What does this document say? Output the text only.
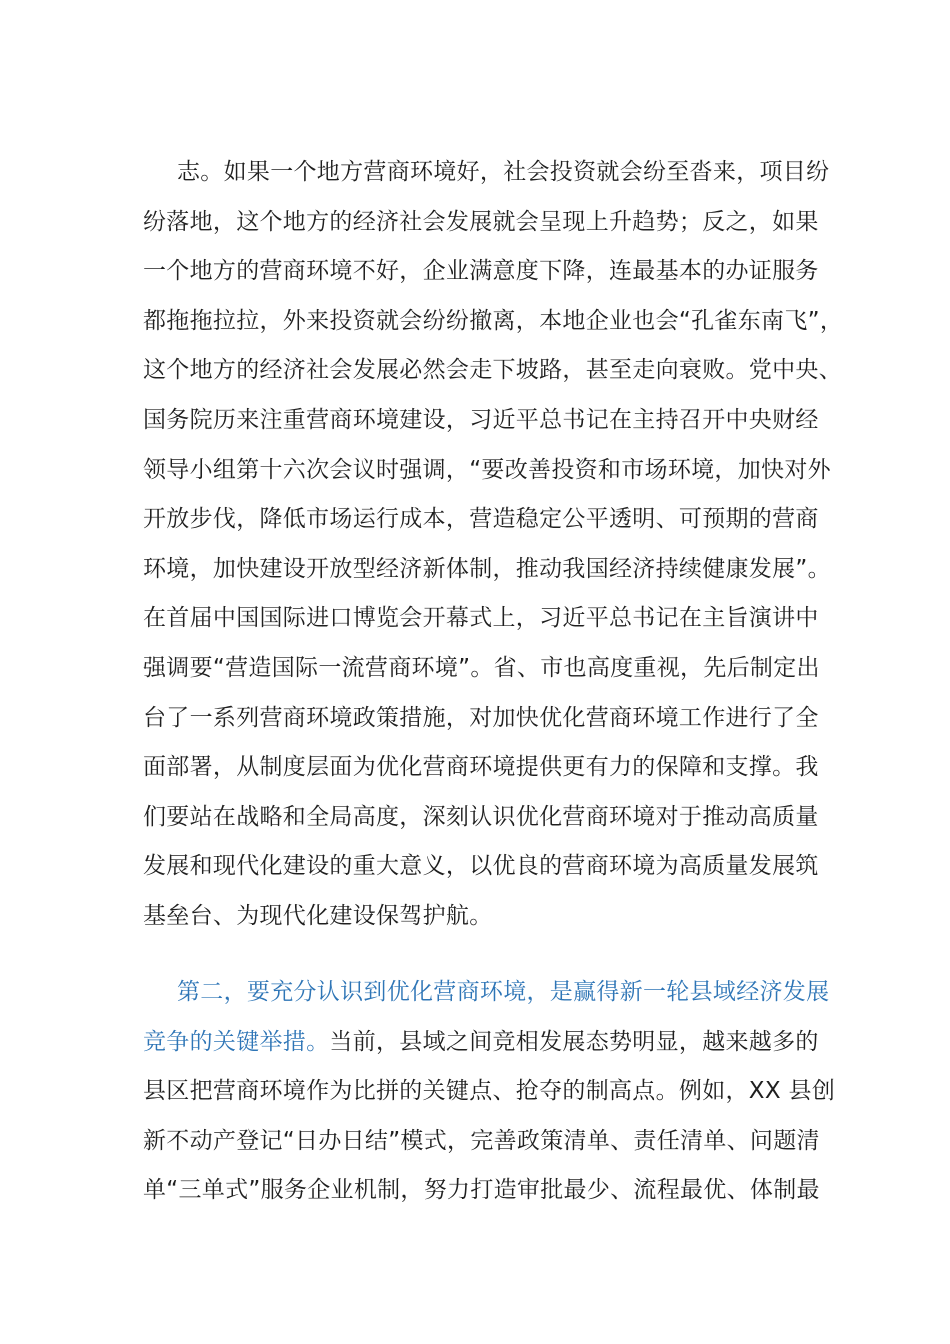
志。如果一个地方营商环境好，社会投资就会纷至沓来，项目纷
纷落地，这个地方的经济社会发展就会呈现上升趋势；反之，如果
一个地方的营商环境不好，企业满意度下降，连最基本的办证服务
都拖拖拉拉，外来投资就会纷纷撤离，本地企业也会“孔雀东南飞”，
这个地方的经济社会发展必然会走下坡路，甚至走向衰败。党中央、
国务院历来注重营商环境建设，习近平总书记在主持召开中央财经
领导小组第十六次会议时强调，“要改善投资和市场环境，加快对外
开放步伐，降低市场运行成本，营造稳定公平透明、可预期的营商
环境，加快建设开放型经济新体制，推动我国经济持续健康发展”。
在首届中国国际进口博览会开幕式上，习近平总书记在主旨演讲中
强调要“营造国际一流营商环境”。省、市也高度重视，先后制定出
台了一系列营商环境政策措施，对加快优化营商环境工作进行了全
面部署，从制度层面为优化营商环境提供更有力的保障和支撑。我
们要站在战略和全局高度，深刻认识优化营商环境对于推动高质量
发展和现代化建设的重大意义，以优良的营商环境为高质量发展筑
基垒台、为现代化建设保驾护航。
第二，要充分认识到优化营商环境，是赢得新一轮县域经济发展
竞争的关键举措。当前，县域之间竞相发展态势明显，越来越多的
县区把营商环境作为比拼的关键点、抢夺的制高点。例如，XX 县创
新不动产登记“日办日结”模式，完善政策清单、责任清单、问题清
单“三单式”服务企业机制，努力打造审批最少、流程最优、体制最
